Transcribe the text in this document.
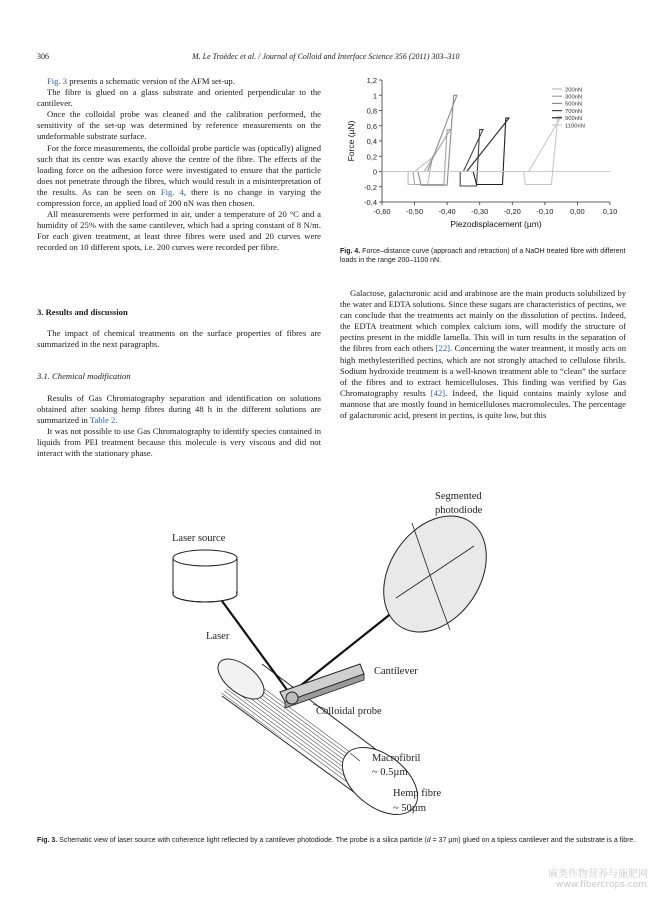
306	M. Le Troëdec et al. / Journal of Colloid and Interface Science 356 (2011) 303–310

Fig. 3 presents a schematic version of the AFM set-up.

The fibre is glued on a glass substrate and oriented perpendicular to the cantilever.

Once the colloidal probe was cleaned and the calibration performed, the sensitivity of the set-up was determined by reference measurements on the undeformable substrate surface.

For the force measurements, the colloidal probe particle was (optically) aligned such that its centre was exactly above the centre of the fibre. The effects of the loading force on the adhesion force were investigated to ensure that the particle does not penetrate through the fibres, which would result in a misinterpretation of the results. As can be seen on Fig. 4, there is no change in varying the compression force, an applied load of 200 nN was then chosen.

All measurements were performed in air, under a temperature of 20 °C and a humidity of 25% with the same cantilever, which had a spring constant of 8 N/m. For each given treatment, at least three fibres were used and 20 curves were recorded on 10 different spots, i.e. 200 curves were recorded per fibre.

3. Results and discussion

The impact of chemical treatments on the surface properties of fibres are summarized in the next paragraphs.

3.1. Chemical modification

Results of Gas Chromatography separation and identification on solutions obtained after soaking hemp fibres during 48 h in the different solutions are summarized in Table 2.

It was not possible to use Gas Chromatography to identify species contained in liquids from PEI treatment because this molecule is very viscous and did not interact with the stationary phase.

1,2
1
0,8
0,6
0,4
0,2
0
-0,2
-0,4
-0,60 -0,50 -0,40 -0,30 -0,20 -0,10 0,00 0,10
Piezodisplacement (µm)
Force (µN)
200nN
300nN
500nN
700nN
900nN
1100nN
Fig. 4. Force–distance curve (approach and retraction) of a NaOH treated fibre with different loads in the range 200–1100 nN.

Galactose, galacturonic acid and arabinose are the main products solubilized by the water and EDTA solutions. Since these sugars are characteristics of pectins, we can conclude that the treatments act mainly on the dissolution of pectins. Indeed, the EDTA treatment which complex calcium ions, will modify the structure of pectins present in the middle lamella. This will in turn results in the separation of the fibres from each others [22]. Concerning the water treatment, it mostly acts on high methylesterified pectins, which are not strongly attached to cellulose fibrils. Sodium hydroxide treatment is a well-known treatment able to “clean” the surface of the fibres and to extract hemicelluloses. This finding was verified by Gas Chromatography results [42]. Indeed, the liquid contains mainly xylose and mannose that are mostly found in hemicelluloses macromolecules. The percentage of galacturonic acid, present in pectins, is quite low, but this

Segmented
photodiode
Laser source
Laser
Cantilever
Colloidal probe
Macrofibril
~ 0.5µm
Hemp fibre
~ 50µm
Fig. 3. Schematic view of laser source with coherence light reflected by a cantilever photodiode. The probe is a silica particle (d = 37 µm) glued on a tipless cantilever and the substrate is a fibre.
麻类作物营养与施肥网
www.fibercrops.com
